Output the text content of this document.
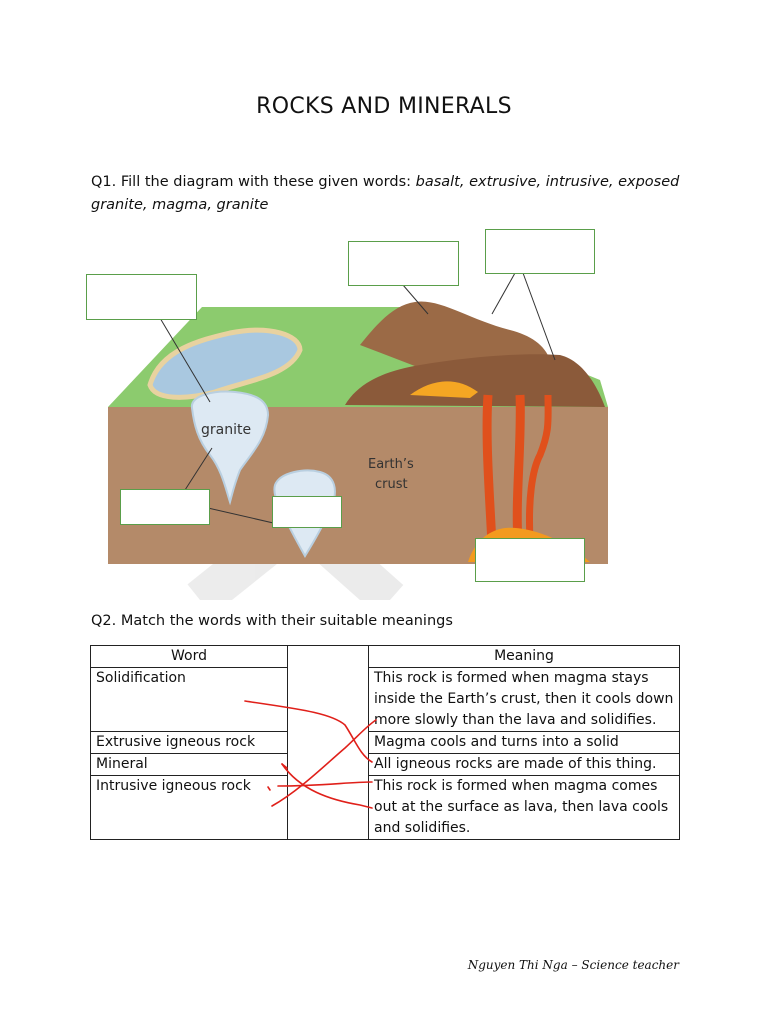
ROCKS AND MINERALS
Q1. Fill the diagram with these given words: basalt, extrusive, intrusive, exposed granite, magma, granite
granite
Earth’s
crust
Q2. Match the words with their suitable meanings
Word		Meaning
Solidification		This rock is formed when magma stays inside the Earth’s crust, then it cools down more slowly than the lava and solidifies.
Extrusive igneous rock		Magma cools and turns into a solid
Mineral		All igneous rocks are made of this thing.
Intrusive igneous rock		This rock is formed when magma comes out at the surface as lava, then lava cools and solidifies.
Nguyen Thi Nga – Science teacher
